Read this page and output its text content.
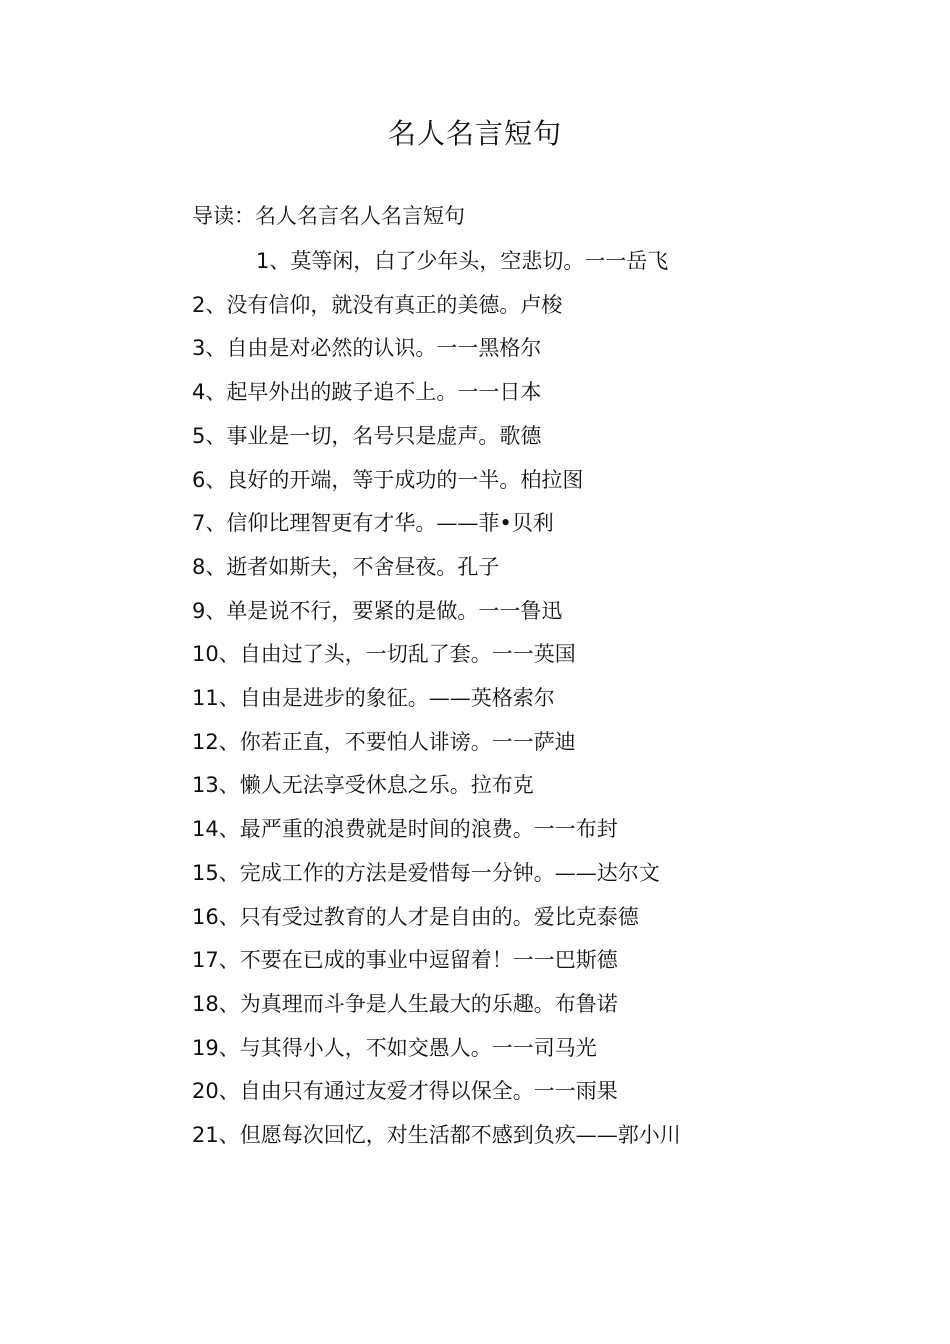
名人名言短句
导读：名人名言名人名言短句
1、莫等闲，白了少年头，空悲切。一一岳飞
2、没有信仰，就没有真正的美德。卢梭
3、自由是对必然的认识。一一黑格尔
4、起早外出的跛子追不上。一一日本
5、事业是一切，名号只是虚声。歌德
6、良好的开端，等于成功的一半。柏拉图
7、信仰比理智更有才华。——菲•贝利
8、逝者如斯夫，不舍昼夜。孔子
9、单是说不行，要紧的是做。一一鲁迅
10、自由过了头，一切乱了套。一一英国
11、自由是进步的象征。——英格索尔
12、你若正直，不要怕人诽谤。一一萨迪
13、懒人无法享受休息之乐。拉布克
14、最严重的浪费就是时间的浪费。一一布封
15、完成工作的方法是爱惜每一分钟。——达尔文
16、只有受过教育的人才是自由的。爱比克泰德
17、不要在已成的事业中逗留着！一一巴斯德
18、为真理而斗争是人生最大的乐趣。布鲁诺
19、与其得小人，不如交愚人。一一司马光
20、自由只有通过友爱才得以保全。一一雨果
21、但愿每次回忆，对生活都不感到负疚——郭小川
